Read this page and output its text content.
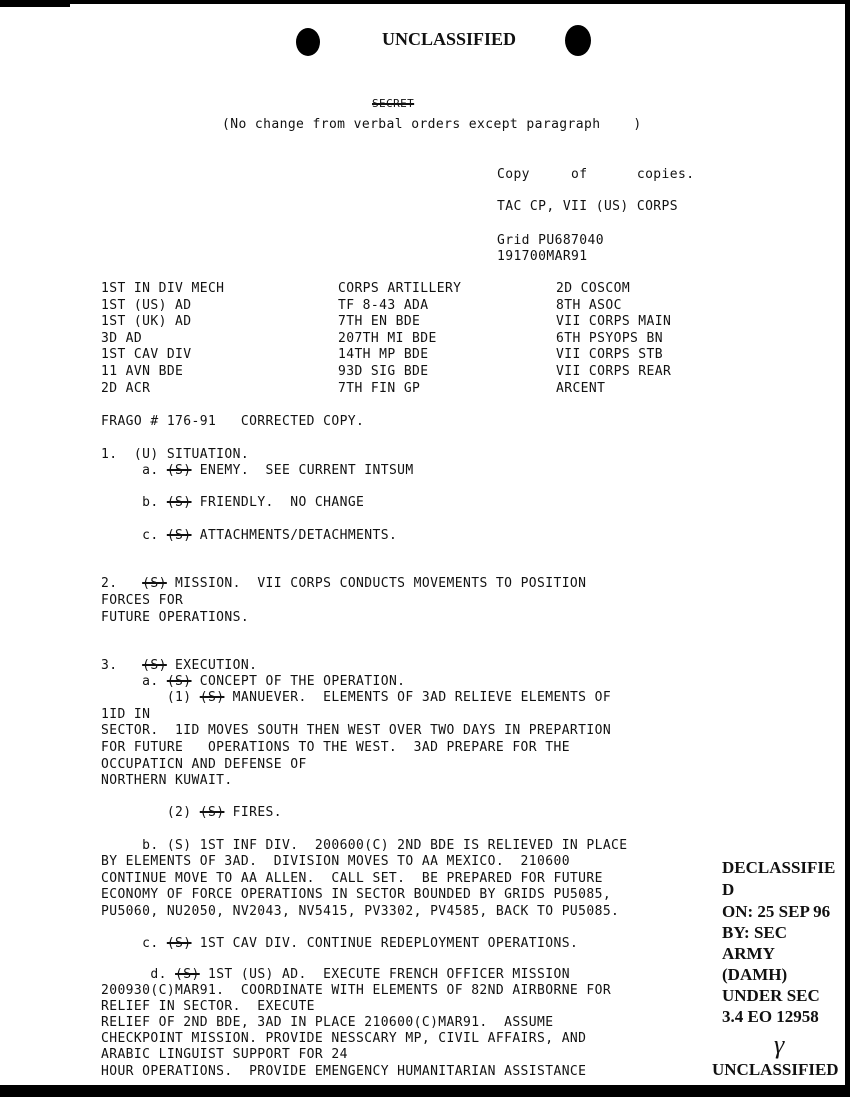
UNCLASSIFIED
SECRET
(No change from verbal orders except paragraph    )
Copy     of      copies.
TAC CP, VII (US) CORPS
Grid PU687040
191700MAR91
1ST IN DIV MECH
1ST (US) AD
1ST (UK) AD
3D AD
1ST CAV DIV
11 AVN BDE
2D ACR
CORPS ARTILLERY
TF 8-43 ADA
7TH EN BDE
207TH MI BDE
14TH MP BDE
93D SIG BDE
7TH FIN GP
2D COSCOM
8TH ASOC
VII CORPS MAIN
6TH PSYOPS BN
VII CORPS STB
VII CORPS REAR
ARCENT
FRAGO # 176-91   CORRECTED COPY.
1.  (U) SITUATION.
a. (S) ENEMY.  SEE CURRENT INTSUM
b. (S) FRIENDLY.  NO CHANGE
c. (S) ATTACHMENTS/DETACHMENTS.
2.   (S) MISSION.  VII CORPS CONDUCTS MOVEMENTS TO POSITION
FORCES FOR
FUTURE OPERATIONS.
3.   (S) EXECUTION.
a. (S) CONCEPT OF THE OPERATION.
(1) (S) MANUEVER.  ELEMENTS OF 3AD RELIEVE ELEMENTS OF
1ID IN
SECTOR.  1ID MOVES SOUTH THEN WEST OVER TWO DAYS IN PREPARTION
FOR FUTURE   OPERATIONS TO THE WEST.  3AD PREPARE FOR THE
OCCUPATICN AND DEFENSE OF
NORTHERN KUWAIT.
(2) (S) FIRES.
b. (S) 1ST INF DIV.  200600(C) 2ND BDE IS RELIEVED IN PLACE
BY ELEMENTS OF 3AD.  DIVISION MOVES TO AA MEXICO.  210600
CONTINUE MOVE TO AA ALLEN.  CALL SET.  BE PREPARED FOR FUTURE
ECONOMY OF FORCE OPERATIONS IN SECTOR BOUNDED BY GRIDS PU5085,
PU5060, NU2050, NV2043, NV5415, PV3302, PV4585, BACK TO PU5085.
c. (S) 1ST CAV DIV. CONTINUE REDEPLOYMENT OPERATIONS.
d. (S) 1ST (US) AD.  EXECUTE FRENCH OFFICER MISSION
200930(C)MAR91.  COORDINATE WITH ELEMENTS OF 82ND AIRBORNE FOR
RELIEF IN SECTOR.  EXECUTE
RELIEF OF 2ND BDE, 3AD IN PLACE 210600(C)MAR91.  ASSUME
CHECKPOINT MISSION. PROVIDE NESSCARY MP, CIVIL AFFAIRS, AND
ARABIC LINGUIST SUPPORT FOR 24
HOUR OPERATIONS.  PROVIDE EMENGENCY HUMANITARIAN ASSISTANCE
DECLASSIFIE
D
ON: 25 SEP 96
BY: SEC
ARMY
(DAMH)
UNDER SEC
3.4 EO 12958
γ
UNCLASSIFIED
